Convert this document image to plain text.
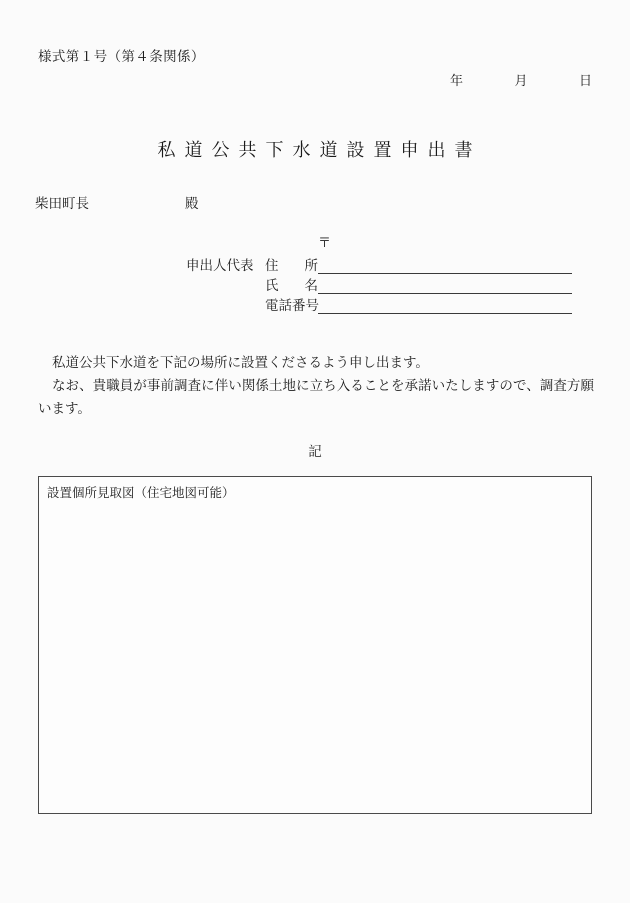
様式第１号（第４条関係）
年	月	日
私道公共下水道設置申出書
柴田町長	殿
〒
申出人代表 住 所
氏 名
電話番号

私道公共下水道を下記の場所に設置くださるよう申し出ます。

なお、貴職員が事前調査に伴い関係土地に立ち入ることを承諾いたしますので、調査方願います。

記
設置個所見取図（住宅地図可能）
